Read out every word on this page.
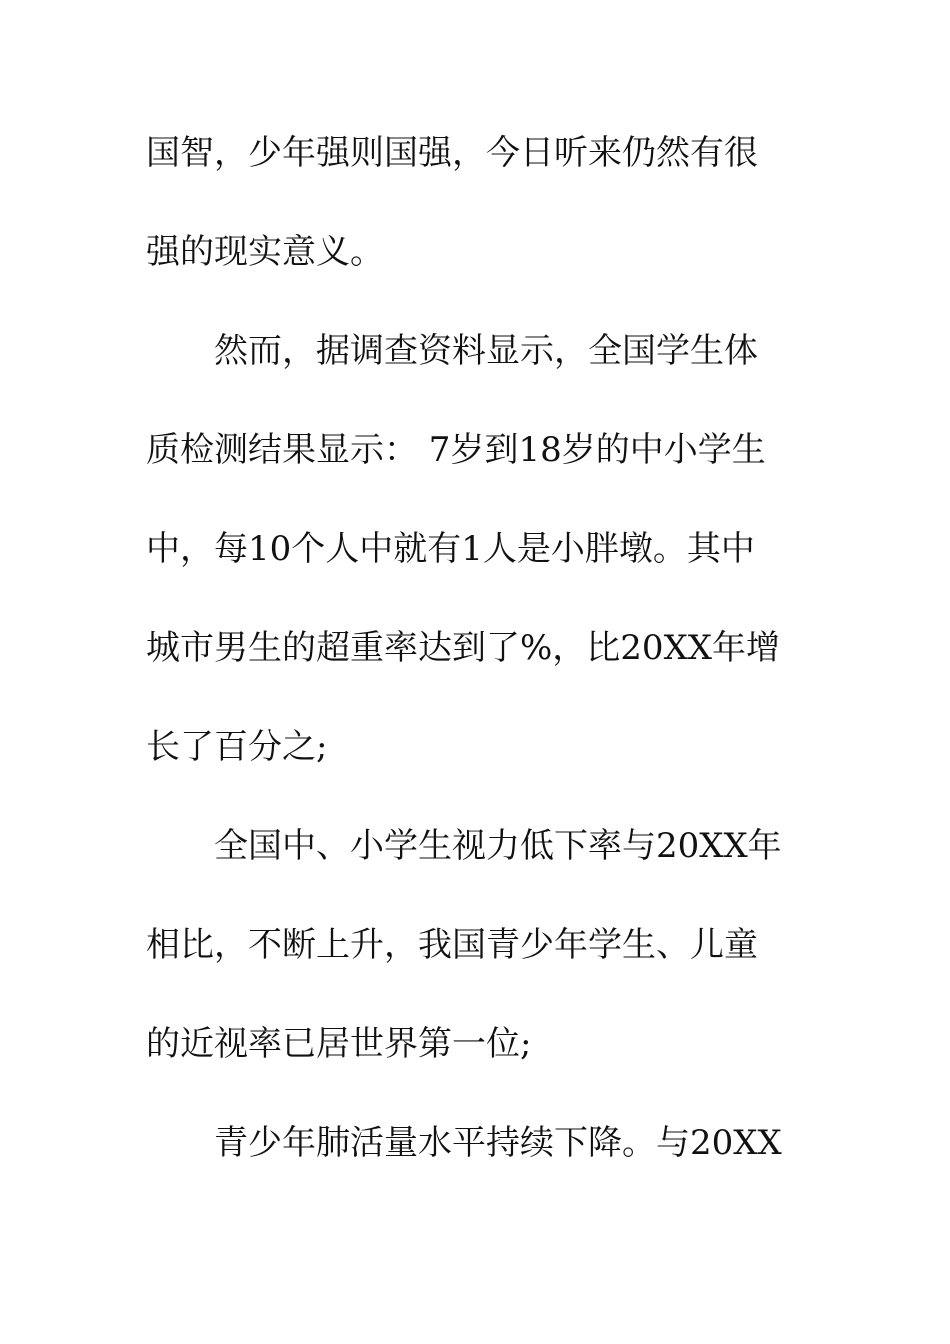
国智，少年强则国强，今日听来仍然有很
强的现实意义。
然而，据调查资料显示，全国学生体
质检测结果显示： 7岁到18岁的中小学生
中，每10个人中就有1人是小胖墩。其中
城市男生的超重率达到了%，比20XX年增
长了百分之;
全国中、小学生视力低下率与20XX年
相比，不断上升，我国青少年学生、儿童
的近视率已居世界第一位;
青少年肺活量水平持续下降。与20XX
